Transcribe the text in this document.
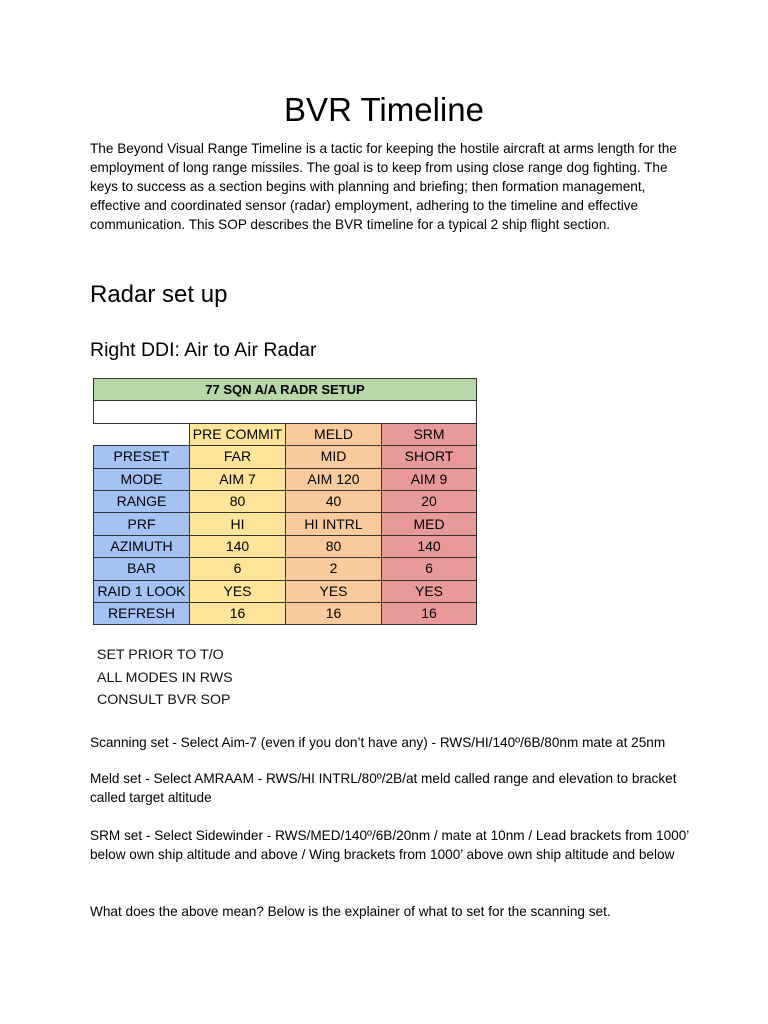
BVR Timeline

The Beyond Visual Range Timeline is a tactic for keeping the hostile aircraft at arms length for the employment of long range missiles. The goal is to keep from using close range dog fighting. The keys to success as a section begins with planning and briefing; then formation management, effective and coordinated sensor (radar) employment, adhering to the timeline and effective communication. This SOP describes the BVR timeline for a typical 2 ship flight section.

Radar set up
Right DDI: Air to Air Radar
77 SQN A/A RADR SETUP			

	PRE COMMIT	MELD	SRM
PRESET	FAR	MID	SHORT
MODE	AIM 7	AIM 120	AIM 9
RANGE	80	40	20
PRF	HI	HI INTRL	MED
AZIMUTH	140	80	140
BAR	6	2	6
RAID 1 LOOK	YES	YES	YES
REFRESH	16	16	16
SET PRIOR TO T/O
ALL MODES IN RWS
CONSULT BVR SOP

Scanning set - Select Aim-7 (even if you don’t have any) - RWS/HI/140º/6B/80nm mate at 25nm

Meld set - Select AMRAAM - RWS/HI INTRL/80º/2B/at meld called range and elevation to bracket called target altitude

SRM set - Select Sidewinder - RWS/MED/140º/6B/20nm / mate at 10nm / Lead brackets from 1000’ below own ship altitude and above / Wing brackets from 1000’ above own ship altitude and below

What does the above mean? Below is the explainer of what to set for the scanning set.
